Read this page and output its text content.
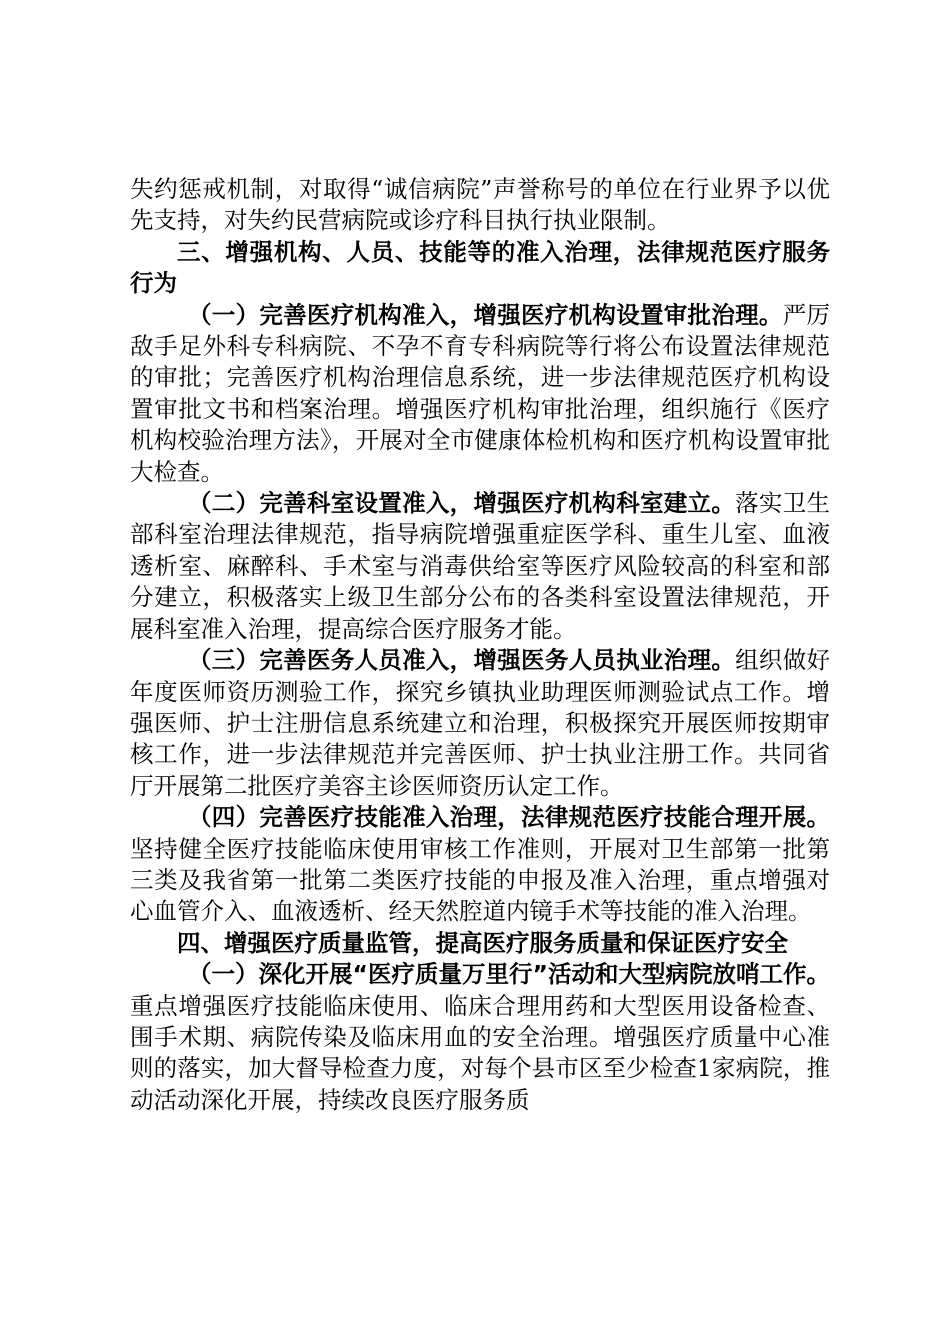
失约惩戒机制，对取得“诚信病院”声誉称号的单位在行业界予以优先支持，对失约民营病院或诊疗科目执行执业限制。

三、增强机构、人员、技能等的准入治理，法律规范医疗服务行为

（一）完善医疗机构准入，增强医疗机构设置审批治理。严厉敌手足外科专科病院、不孕不育专科病院等行将公布设置法律规范的审批；完善医疗机构治理信息系统，进一步法律规范医疗机构设置审批文书和档案治理。增强医疗机构审批治理，组织施行《医疗机构校验治理方法》，开展对全市健康体检机构和医疗机构设置审批大检查。

（二）完善科室设置准入，增强医疗机构科室建立。落实卫生部科室治理法律规范，指导病院增强重症医学科、重生儿室、血液透析室、麻醉科、手术室与消毒供给室等医疗风险较高的科室和部分建立，积极落实上级卫生部分公布的各类科室设置法律规范，开展科室准入治理，提高综合医疗服务才能。

（三）完善医务人员准入，增强医务人员执业治理。组织做好年度医师资历测验工作，探究乡镇执业助理医师测验试点工作。增强医师、护士注册信息系统建立和治理，积极探究开展医师按期审核工作，进一步法律规范并完善医师、护士执业注册工作。共同省厅开展第二批医疗美容主诊医师资历认定工作。

（四）完善医疗技能准入治理，法律规范医疗技能合理开展。坚持健全医疗技能临床使用审核工作准则，开展对卫生部第一批第三类及我省第一批第二类医疗技能的申报及准入治理，重点增强对心血管介入、血液透析、经天然腔道内镜手术等技能的准入治理。

四、增强医疗质量监管，提高医疗服务质量和保证医疗安全

（一）深化开展“医疗质量万里行”活动和大型病院放哨工作。重点增强医疗技能临床使用、临床合理用药和大型医用设备检查、围手术期、病院传染及临床用血的安全治理。增强医疗质量中心准则的落实，加大督导检查力度，对每个县市区至少检查1家病院，推动活动深化开展，持续改良医疗服务质
